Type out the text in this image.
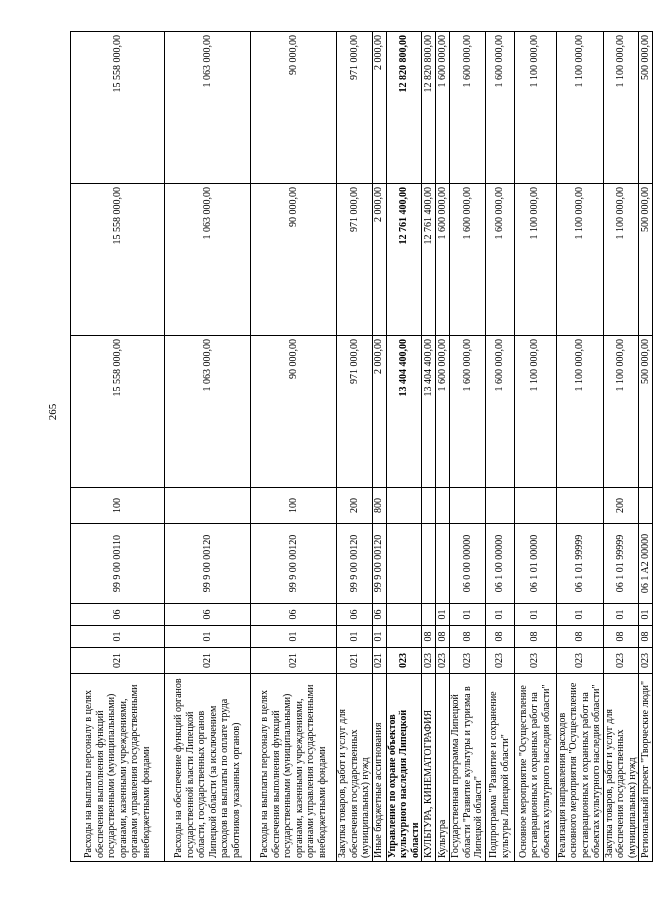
265
Расходы на выплаты персоналу в целях обеспечения выполнения функций государственными (муниципальными) органами, казенными учреждениями, органами управления государственными внебюджетными фондами	021	01	06	99 9 00 00110	100	15 558 000,00	15 558 000,00	15 558 000,00
Расходы на обеспечение функций органов государственной власти Липецкой области, государственных органов Липецкой области (за исключением расходов на выплаты по оплате труда работников указанных органов)	021	01	06	99 9 00 00120		1 063 000,00	1 063 000,00	1 063 000,00
Расходы на выплаты персоналу в целях обеспечения выполнения функций государственными (муниципальными) органами, казенными учреждениями, органами управления государственными внебюджетными фондами	021	01	06	99 9 00 00120	100	90 000,00	90 000,00	90 000,00
Закупка товаров, работ и услуг для обеспечения государственных (муниципальных) нужд	021	01	06	99 9 00 00120	200	971 000,00	971 000,00	971 000,00
Иные бюджетные ассигнования	021	01	06	99 9 00 00120	800	2 000,00	2 000,00	2 000,00
Управление по охране объектов культурного наследия Липецкой области	023					13 404 400,00	12 761 400,00	12 820 800,00
КУЛЬТУРА, КИНЕМАТОГРАФИЯ	023	08				13 404 400,00	12 761 400,00	12 820 800,00
Культура	023	08	01			1 600 000,00	1 600 000,00	1 600 000,00
Государственная программа Липецкой области "Развитие культуры и туризма в Липецкой области"	023	08	01	06 0 00 00000		1 600 000,00	1 600 000,00	1 600 000,00
Подпрограмма "Развитие и сохранение культуры Липецкой области"	023	08	01	06 1 00 00000		1 600 000,00	1 600 000,00	1 600 000,00
Основное мероприятие "Осуществление реставрационных и охранных работ на объектах культурного наследия области"	023	08	01	06 1 01 00000		1 100 000,00	1 100 000,00	1 100 000,00
Реализация направления расходов основного мероприятия "Осуществление реставрационных и охранных работ на объектах культурного наследия области"	023	08	01	06 1 01 99999		1 100 000,00	1 100 000,00	1 100 000,00
Закупка товаров, работ и услуг для обеспечения государственных (муниципальных) нужд	023	08	01	06 1 01 99999	200	1 100 000,00	1 100 000,00	1 100 000,00
Региональный проект "Творческие люди"	023	08	01	06 1 A2 00000		500 000,00	500 000,00	500 000,00
